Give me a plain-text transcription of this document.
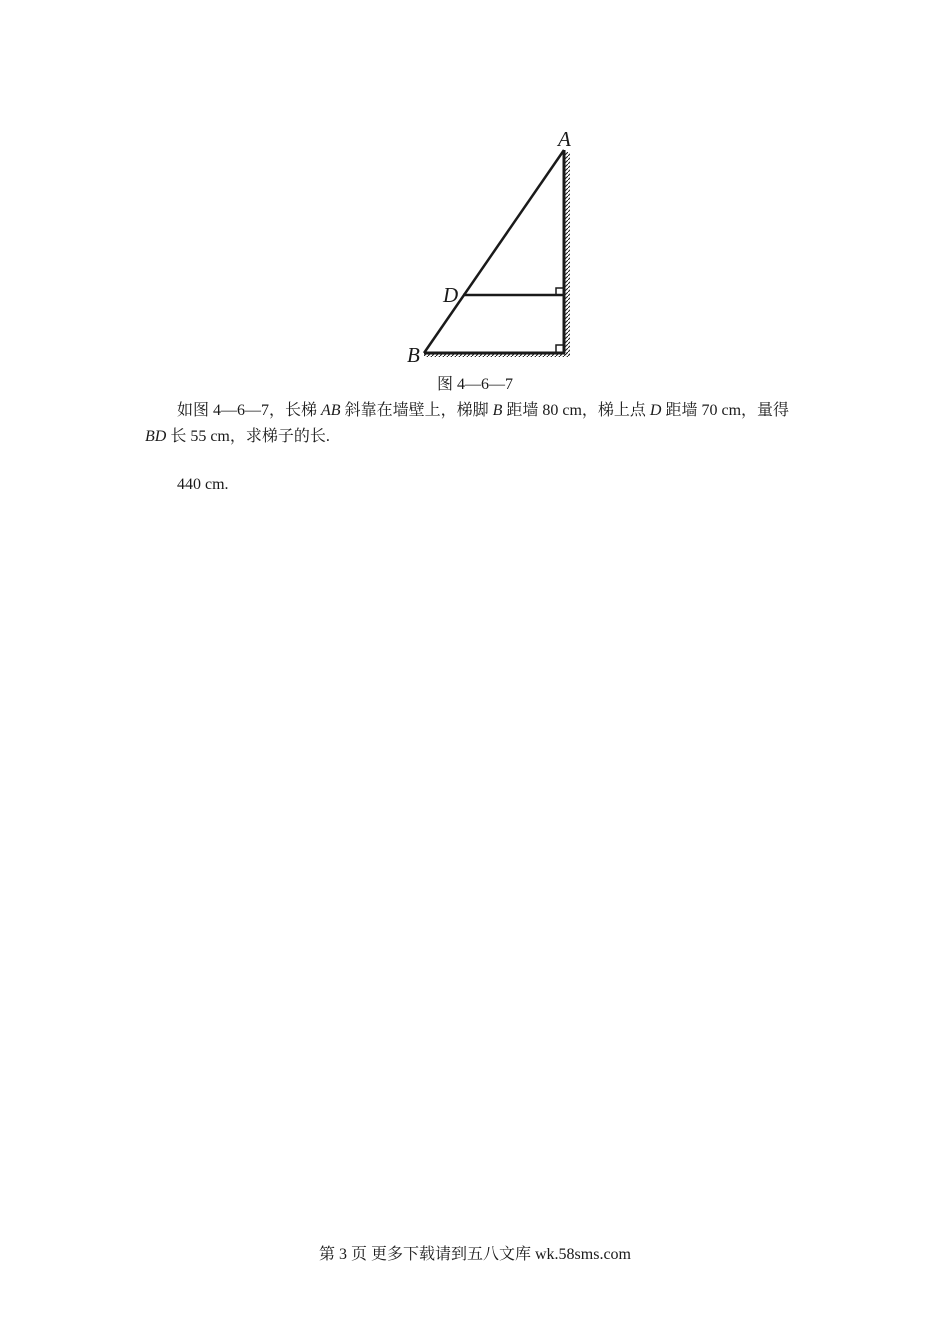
A
D
B
图 4—6—7
如图 4—6—7，长梯 AB 斜靠在墙壁上，梯脚 B 距墙 80 cm，梯上点 D 距墙 70 cm，量得 BD 长 55 cm，求梯子的长.
440 cm.
第 3 页 更多下载请到五八文库 wk.58sms.com
